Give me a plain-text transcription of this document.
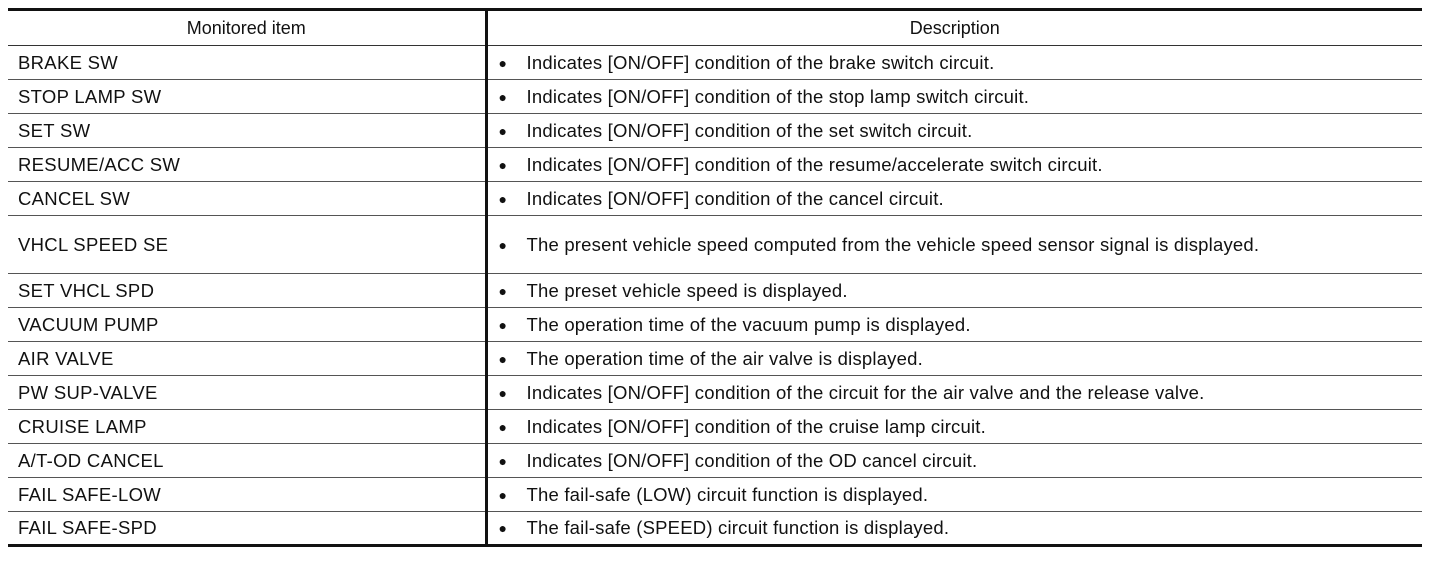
Monitored item	Description
BRAKE SW	● Indicates [ON/OFF] condition of the brake switch circuit.

STOP LAMP SW	● Indicates [ON/OFF] condition of the stop lamp switch circuit.

SET SW	● Indicates [ON/OFF] condition of the set switch circuit.

RESUME/ACC SW	● Indicates [ON/OFF] condition of the resume/accelerate switch circuit.

CANCEL SW	● Indicates [ON/OFF] condition of the cancel circuit.

VHCL SPEED SE	● The present vehicle speed computed from the vehicle speed sensor signal is displayed.

SET VHCL SPD	● The preset vehicle speed is displayed.

VACUUM PUMP	● The operation time of the vacuum pump is displayed.

AIR VALVE	● The operation time of the air valve is displayed.

PW SUP-VALVE	● Indicates [ON/OFF] condition of the circuit for the air valve and the release valve.

CRUISE LAMP	● Indicates [ON/OFF] condition of the cruise lamp circuit.

A/T-OD CANCEL	● Indicates [ON/OFF] condition of the OD cancel circuit.

FAIL SAFE-LOW	● The fail-safe (LOW) circuit function is displayed.

FAIL SAFE-SPD	● The fail-safe (SPEED) circuit function is displayed.
